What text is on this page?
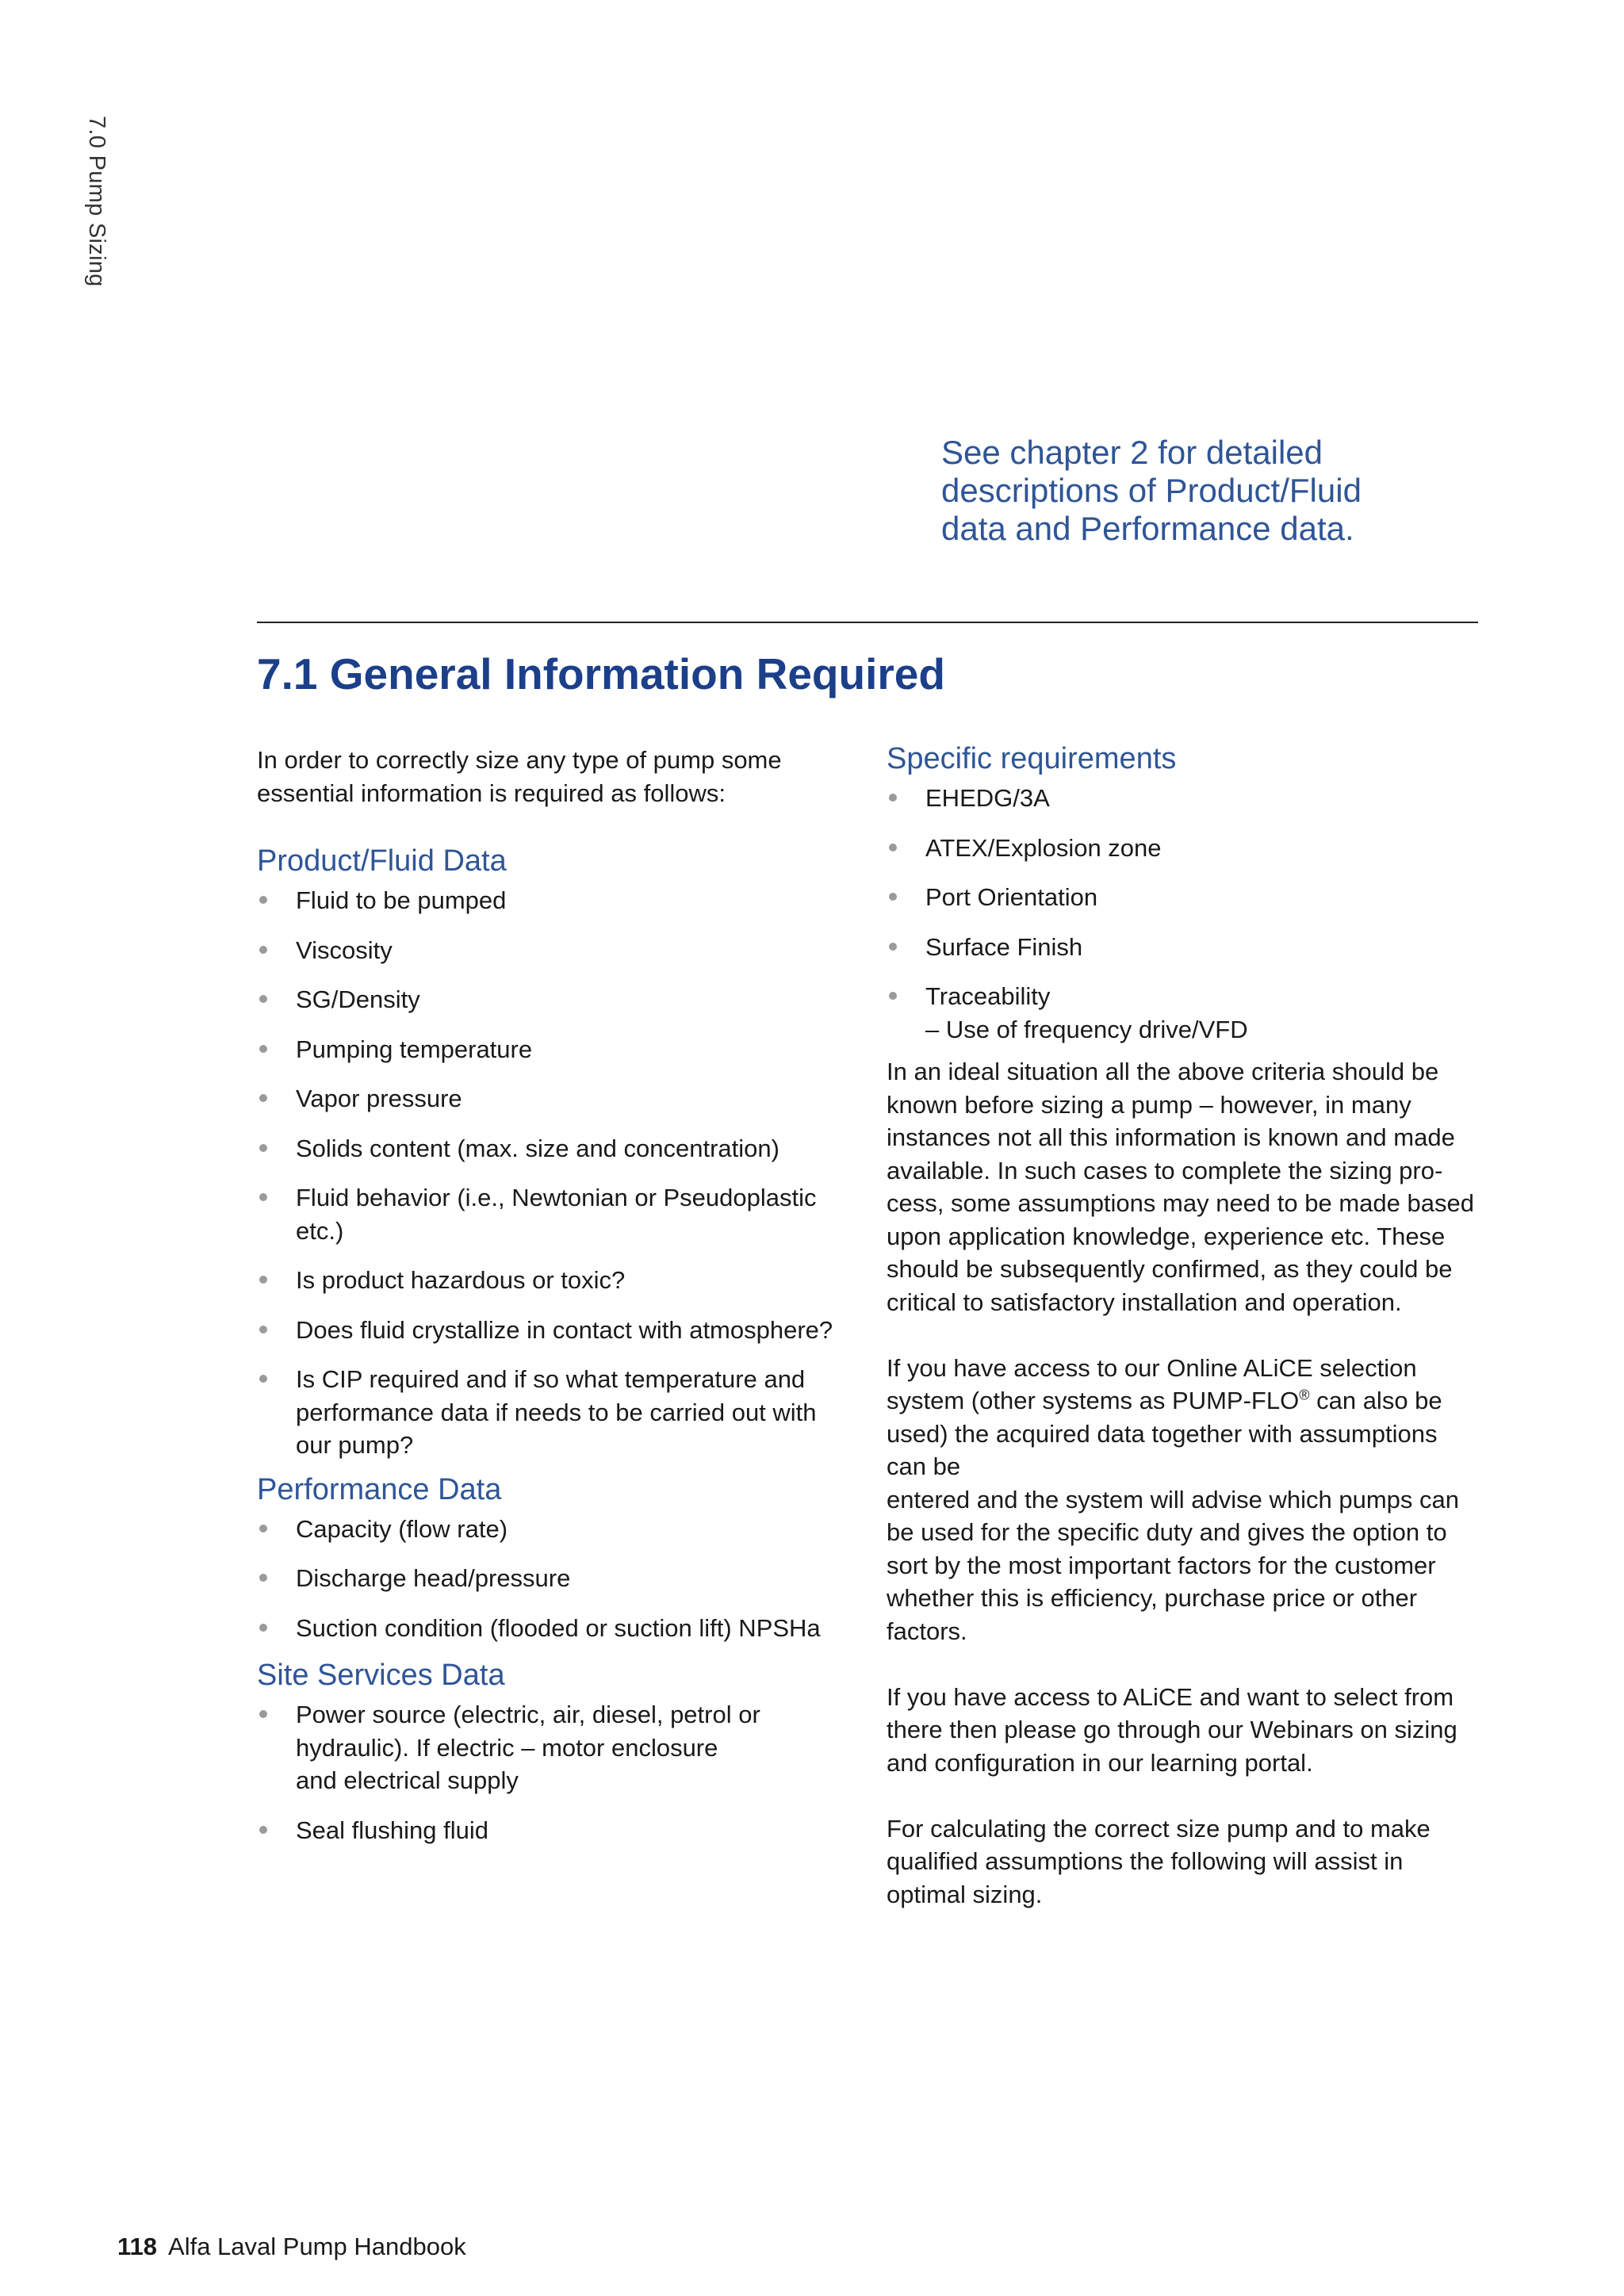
7.0 Pump Sizing
See chapter 2 for detailed descriptions of Product/Fluid data and Performance data.
7.1 General Information Required

In order to correctly size any type of pump some essential information is required as follows:

Product/Fluid Data
Fluid to be pumped
Viscosity
SG/Density
Pumping temperature
Vapor pressure
Solids content (max. size and concentration)
Fluid behavior (i.e., Newtonian or Pseudoplastic etc.)
Is product hazardous or toxic?
Does fluid crystallize in contact with atmosphere?
Is CIP required and if so what temperature and performance data if needs to be carried out with our pump?
Performance Data
Capacity (flow rate)
Discharge head/pressure
Suction condition (flooded or suction lift) NPSHa
Site Services Data
Power source (electric, air, diesel, petrol or hydraulic). If electric – motor enclosure and electrical supply
Seal flushing fluid
Specific requirements
EHEDG/3A
ATEX/Explosion zone
Port Orientation
Surface Finish
Traceability
– Use of frequency drive/VFD

In an ideal situation all the above criteria should be known before sizing a pump – however, in many instances not all this information is known and made available. In such cases to complete the sizing pro-cess, some assumptions may need to be made based upon application knowledge, experience etc. These should be subsequently confirmed, as they could be critical to satisfactory installation and operation.

If you have access to our Online ALiCE selection system (other systems as PUMP-FLO® can also be used) the acquired data together with assumptions can be

entered and the system will advise which pumps can be used for the specific duty and gives the option to sort by the most important factors for the customer whether this is efficiency, purchase price or other factors.

If you have access to ALiCE and want to select from there then please go through our Webinars on sizing and configuration in our learning portal.

For calculating the correct size pump and to make qualified assumptions the following will assist in optimal sizing.

118 Alfa Laval Pump Handbook
